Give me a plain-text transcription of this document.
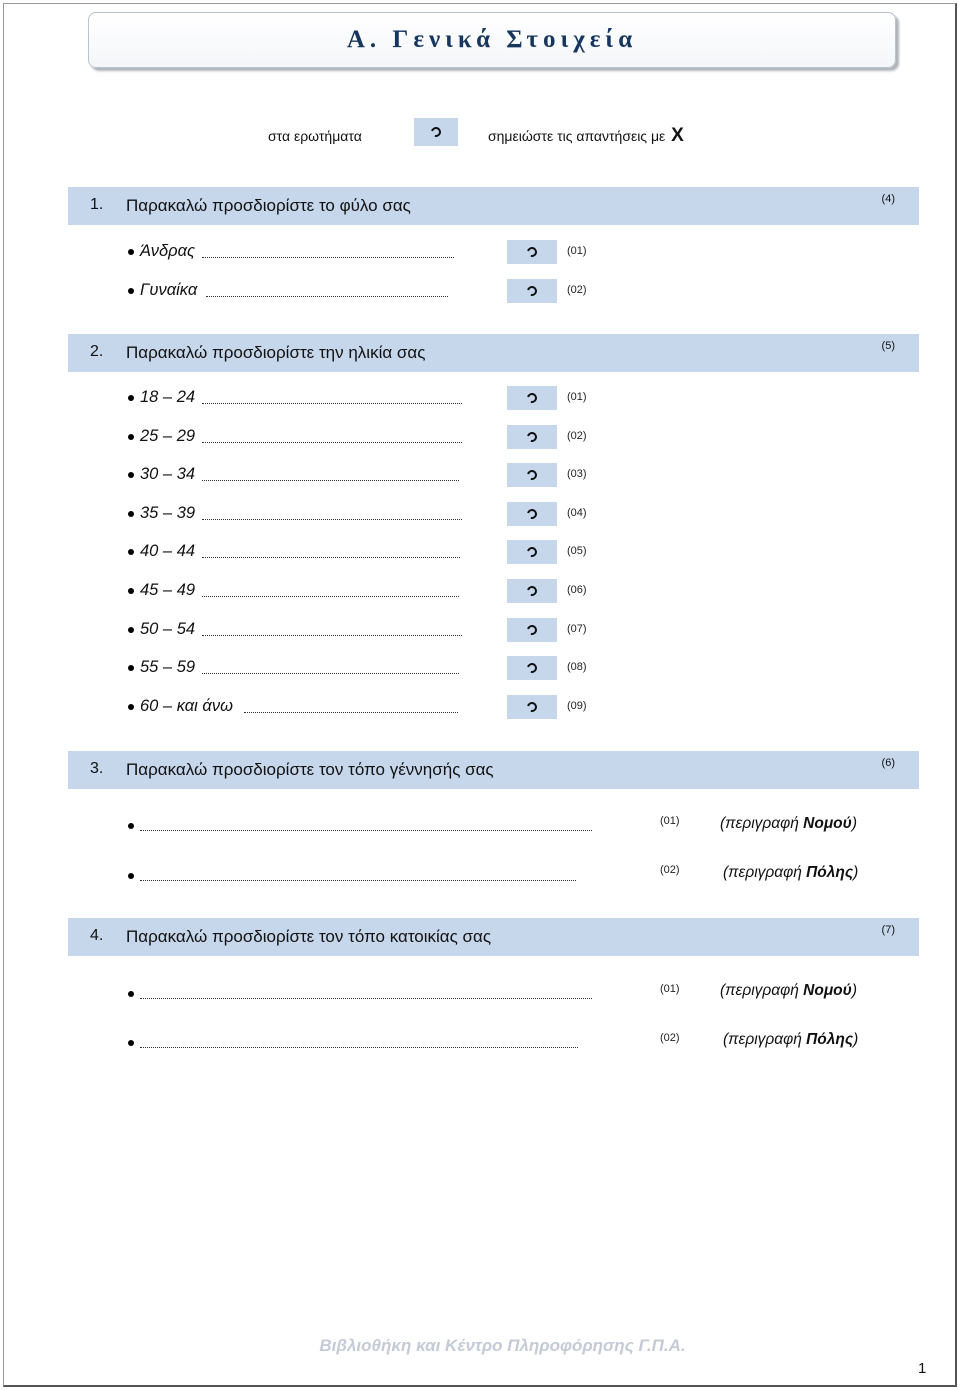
Α. Γενικά Στοιχεία
στα ερωτήματα	σημειώστε τις απαντήσεις με X
1. Παρακαλώ προσδιορίστε το φύλο σας	(4)
Άνδρας	(01)
Γυναίκα	(02)
2. Παρακαλώ προσδιορίστε την ηλικία σας	(5)
18 – 24	(01)
25 – 29	(02)
30 – 34	(03)
35 – 39	(04)
40 – 44	(05)
45 – 49	(06)
50 – 54	(07)
55 – 59	(08)
60 – και άνω	(09)
3. Παρακαλώ προσδιορίστε τον τόπο γέννησής σας	(6)
(01)	(περιγραφή Νομού)
(02)	(περιγραφή Πόλης)
4. Παρακαλώ προσδιορίστε τον τόπο κατοικίας σας	(7)
(01)	(περιγραφή Νομού)
(02)	(περιγραφή Πόλης)
Βιβλιοθήκη και Κέντρο Πληροφόρησης Γ.Π.Α.
1
